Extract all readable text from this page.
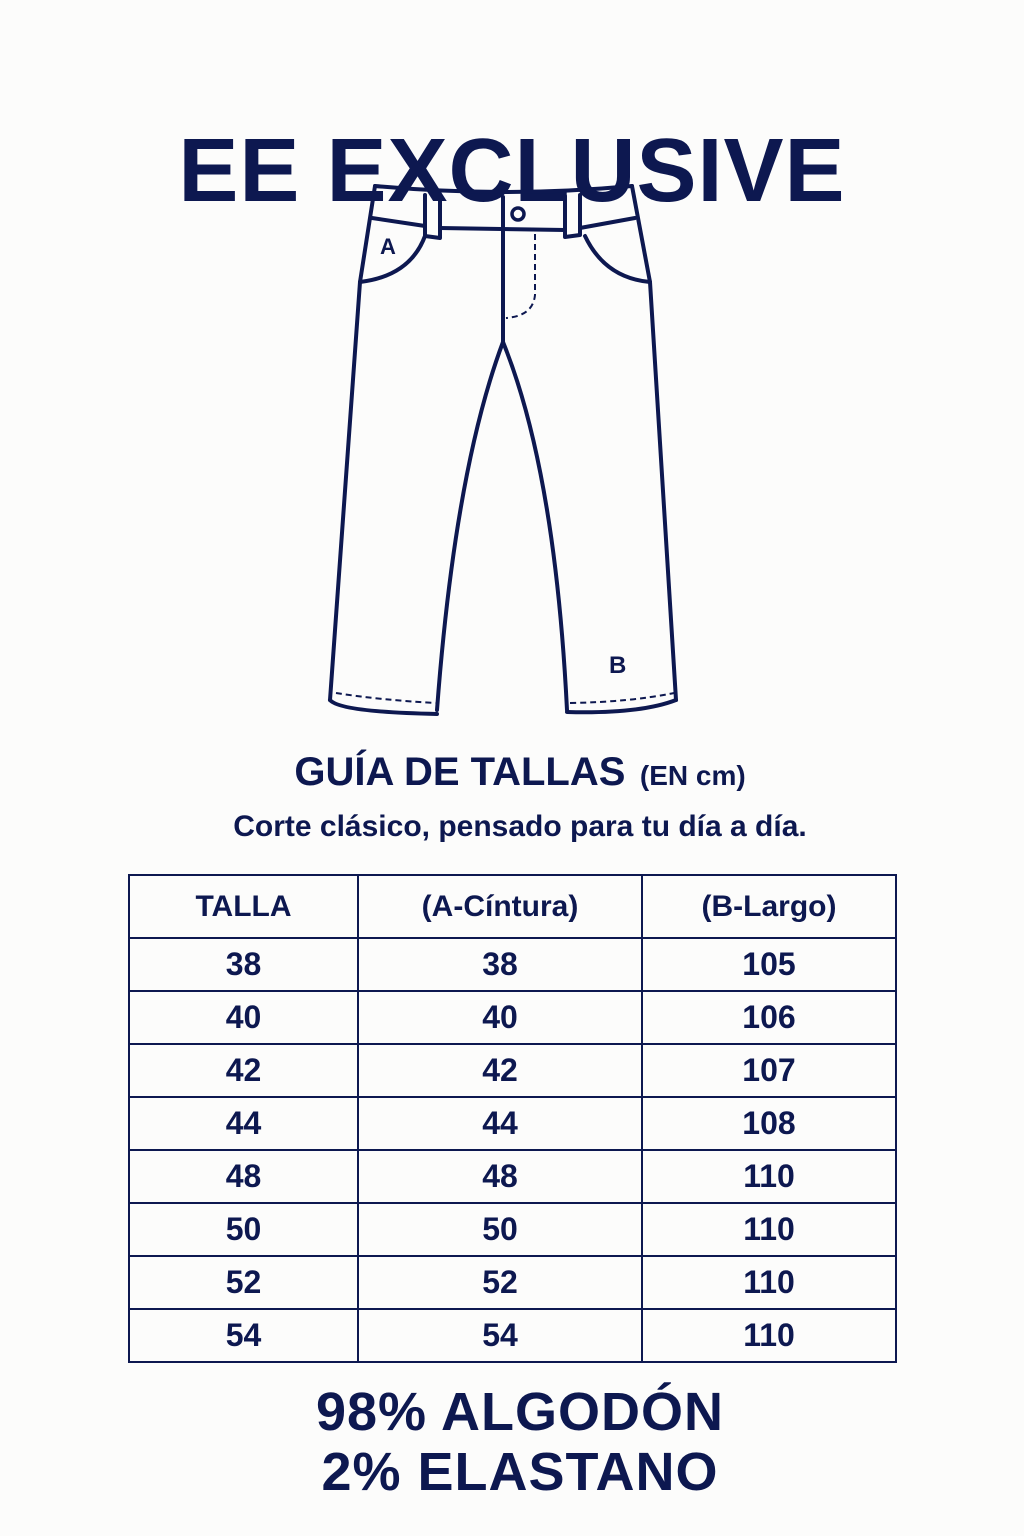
EE EXCLUSIVE
A
B
GUÍA DE TALLAS (EN cm)
Corte clásico, pensado para tu día a día.
TALLA	(A-Cíntura)	(B-Largo)
38	38	105
40	40	106
42	42	107
44	44	108
48	48	110
50	50	110
52	52	110
54	54	110
98% ALGODÓN
2% ELASTANO
